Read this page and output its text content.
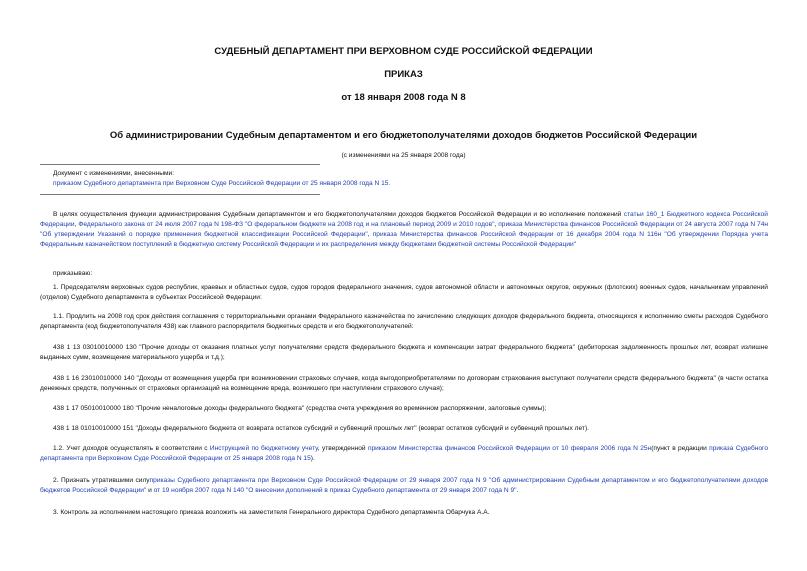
СУДЕБНЫЙ ДЕПАРТАМЕНТ ПРИ ВЕРХОВНОМ СУДЕ РОССИЙСКОЙ ФЕДЕРАЦИИ
ПРИКАЗ
от 18 января 2008 года N 8
Об администрировании Судебным департаментом и его бюджетополучателями доходов бюджетов Российской Федерации
(с изменениями на 25 января 2008 года)
Документ с изменениями, внесенными:
приказом Судебного департамента при Верховном Суде Российской Федерации от 25 января 2008 года N 15.

В целях осуществления функции администрирования Судебным департаментом и его бюджетополучателями доходов бюджетов Российской Федерации и во исполнение положений статьи 160_1 Бюджетного кодекса Российской Федерации, Федерального закона от 24 июля 2007 года N 198-ФЗ "О федеральном бюджете на 2008 год и на плановый период 2009 и 2010 годов", приказа Министерства финансов Российской Федерации от 24 августа 2007 года N 74н "Об утверждении Указаний о порядке применения бюджетной классификации Российской Федерации", приказа Министерства финансов Российской Федерации от 16 декабря 2004 года N 116н "Об утверждении Порядка учета Федеральным казначейством поступлений в бюджетную систему Российской Федерации и их распределения между бюджетами бюджетной системы Российской Федерации"

приказываю:

1. Председателям верховных судов республик, краевых и областных судов, судов городов федерального значения, судов автономной области и автономных округов, окружных (флотских) военных судов, начальникам управлений (отделов) Судебного департамента в субъектах Российской Федерации:

1.1. Продлить на 2008 год срок действия соглашения с территориальными органами Федерального казначейства по зачислению следующих доходов федерального бюджета, относящихся к исполнению сметы расходов Судебного департамента (код бюджетополучателя 438) как главного распорядителя бюджетных средств и его бюджетополучателей:

438 1 13 03010010000 130 "Прочие доходы от оказания платных услуг получателями средств федерального бюджета и компенсации затрат федерального бюджета" (дебиторская задолженность прошлых лет, возврат излишне выданных сумм, возмещение материального ущерба и т.д.);

438 1 16 23010010000 140 "Доходы от возмещения ущерба при возникновении страховых случаев, когда выгодоприобретателями по договорам страхования выступают получатели средств федерального бюджета" (в части остатка денежных средств, полученных от страховых организаций на возмещение вреда, возникшего при наступлении страхового случая);

438 1 17 05010010000 180 "Прочие неналоговые доходы федерального бюджета" (средства счета учреждения во временном распоряжении, залоговые суммы);

438 1 18 01010010000 151 "Доходы федерального бюджета от возврата остатков субсидий и субвенций прошлых лет" (возврат остатков субсидий и субвенций прошлых лет).

1.2. Учет доходов осуществлять в соответствии с Инструкцией по бюджетному учету, утвержденной приказом Министерства финансов Российской Федерации от 10 февраля 2006 года N 25н(пункт в редакции приказа Судебного департамента при Верховном Суде Российской Федерации от 25 января 2008 года N 15).

2. Признать утратившими силуприказы Судебного департамента при Верховном Суде Российской Федерации от 29 января 2007 года N 9 "Об администрировании Судебным департаментом и его бюджетополучателями доходов бюджетов Российской Федерации" и от 19 ноября 2007 года N 140 "О внесении дополнений в приказ Судебного департамента от 29 января 2007 года N 9".

3. Контроль за исполнением настоящего приказа возложить на заместителя Генерального директора Судебного департамента Обарчука А.А.
